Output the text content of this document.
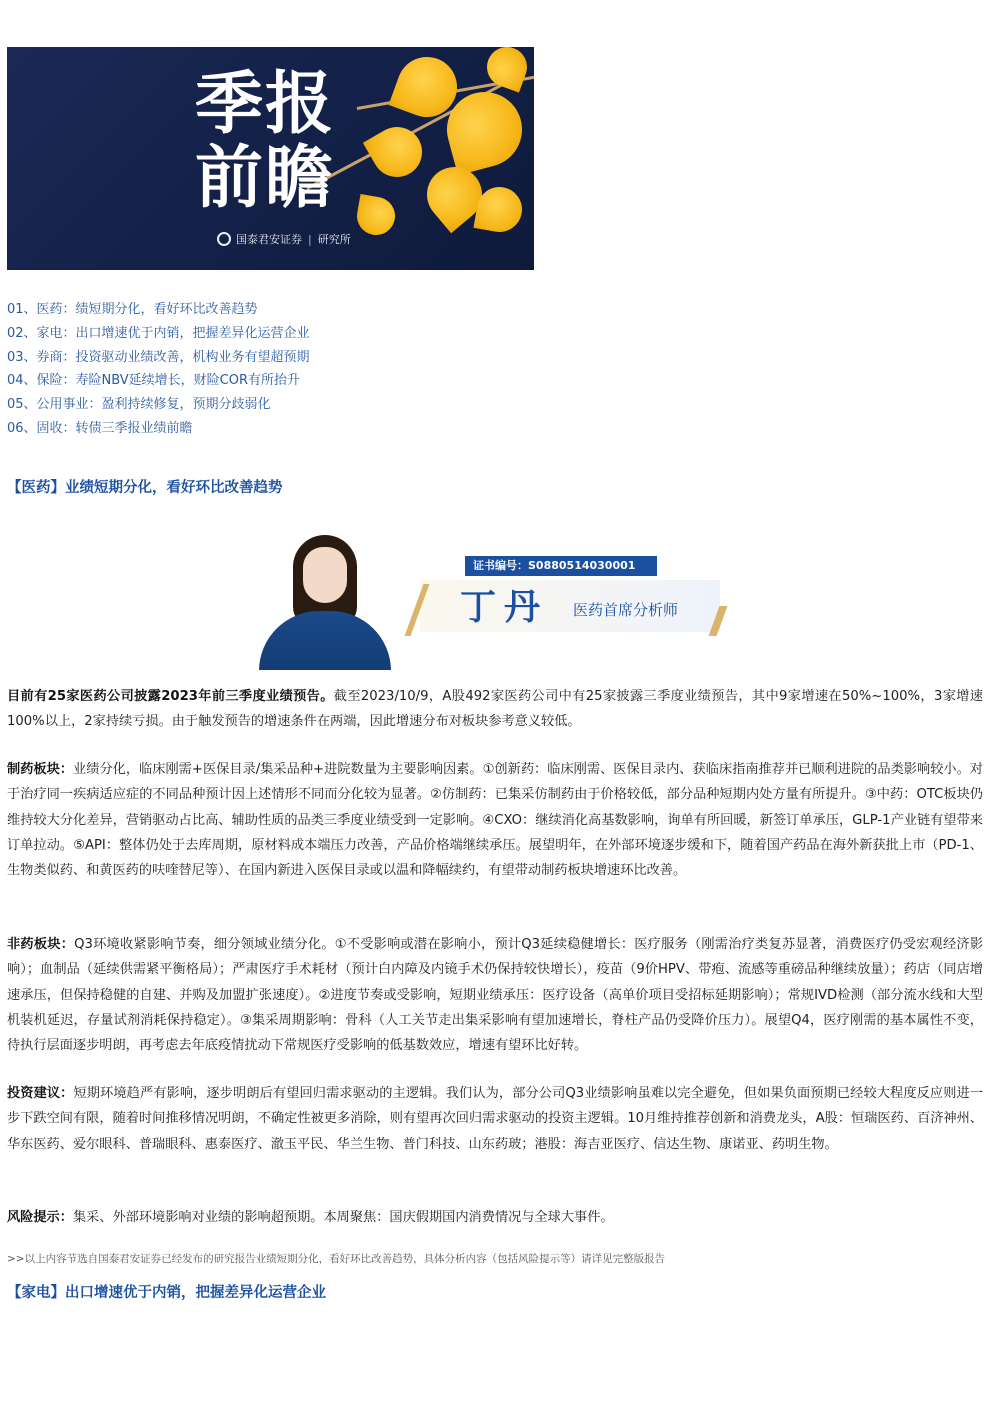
季报
前瞻
国泰君安证券 | 研究所
01、医药：绩短期分化，看好环比改善趋势
02、家电：出口增速优于内销，把握差异化运营企业
03、券商：投资驱动业绩改善，机构业务有望超预期
04、保险：寿险NBV延续增长，财险COR有所抬升
05、公用事业：盈利持续修复，预期分歧弱化
06、固收：转债三季报业绩前瞻
【医药】业绩短期分化，看好环比改善趋势
证书编号：S0880514030001
丁丹 医药首席分析师
目前有25家医药公司披露2023年前三季度业绩预告。截至2023/10/9，A股492家医药公司中有25家披露三季度业绩预告，其中9家增速在50%~100%，3家增速100%以上，2家持续亏损。由于触发预告的增速条件在两端，因此增速分布对板块参考意义较低。
制药板块：业绩分化，临床刚需+医保目录/集采品种+进院数量为主要影响因素。①创新药：临床刚需、医保目录内、获临床指南推荐并已顺利进院的品类影响较小。对于治疗同一疾病适应症的不同品种预计因上述情形不同而分化较为显著。②仿制药：已集采仿制药由于价格较低，部分品种短期内处方量有所提升。③中药：OTC板块仍维持较大分化差异，营销驱动占比高、辅助性质的品类三季度业绩受到一定影响。④CXO：继续消化高基数影响，询单有所回暖，新签订单承压，GLP-1产业链有望带来订单拉动。⑤API：整体仍处于去库周期，原材料成本端压力改善，产品价格端继续承压。展望明年，在外部环境逐步缓和下，随着国产药品在海外新获批上市（PD-1、生物类似药、和黄医药的呋喹替尼等）、在国内新进入医保目录或以温和降幅续约，有望带动制药板块增速环比改善。
非药板块：Q3环境收紧影响节奏，细分领域业绩分化。①不受影响或潜在影响小，预计Q3延续稳健增长：医疗服务（刚需治疗类复苏显著，消费医疗仍受宏观经济影响）；血制品（延续供需紧平衡格局）；严肃医疗手术耗材（预计白内障及内镜手术仍保持较快增长），疫苗（9价HPV、带疱、流感等重磅品种继续放量）；药店（同店增速承压，但保持稳健的自建、并购及加盟扩张速度）。②进度节奏或受影响，短期业绩承压：医疗设备（高单价项目受招标延期影响）；常规IVD检测（部分流水线和大型机装机延迟，存量试剂消耗保持稳定）。③集采周期影响：骨科（人工关节走出集采影响有望加速增长，脊柱产品仍受降价压力）。展望Q4，医疗刚需的基本属性不变，待执行层面逐步明朗，再考虑去年底疫情扰动下常规医疗受影响的低基数效应，增速有望环比好转。
投资建议：短期环境趋严有影响，逐步明朗后有望回归需求驱动的主逻辑。我们认为，部分公司Q3业绩影响虽难以完全避免，但如果负面预期已经较大程度反应则进一步下跌空间有限，随着时间推移情况明朗，不确定性被更多消除，则有望再次回归需求驱动的投资主逻辑。10月维持推荐创新和消费龙头，A股：恒瑞医药、百济神州、华东医药、爱尔眼科、普瑞眼科、惠泰医疗、澈玉平民、华兰生物、普门科技、山东药玻；港股：海吉亚医疗、信达生物、康诺亚、药明生物。
风险提示：集采、外部环境影响对业绩的影响超预期。本周聚焦：国庆假期国内消费情况与全球大事件。
>>以上内容节选自国泰君安证券已经发布的研究报告业绩短期分化，看好环比改善趋势，具体分析内容（包括风险提示等）请详见完整版报告
【家电】出口增速优于内销，把握差异化运营企业
